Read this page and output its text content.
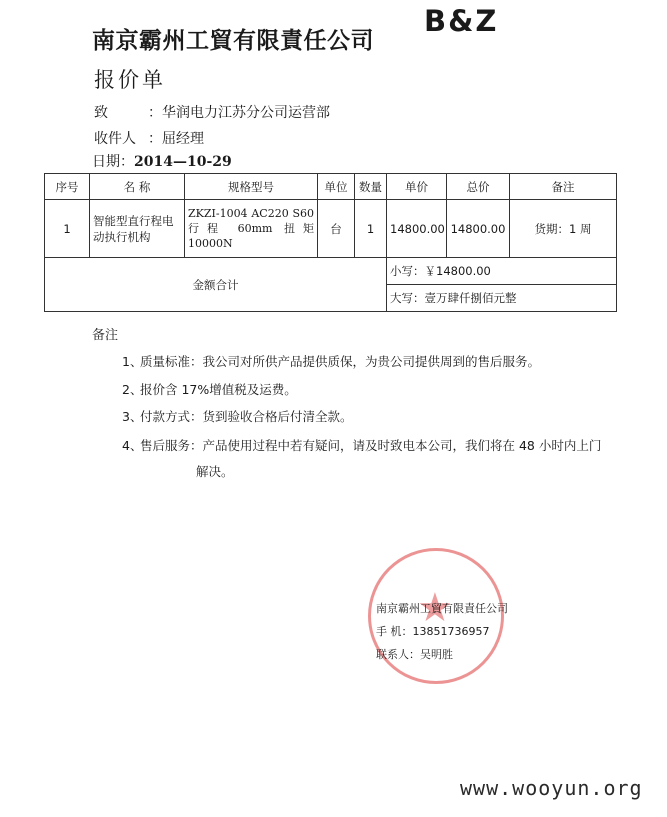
南京霸州工貿有限責任公司
B&Z
报价单
致	：华润电力江苏分公司运营部
收件人 ：屈经理
日期：2014—10-29
序号	名 称	规格型号	单位	数量	单价	总价	备注
1	智能型直行程电动执行机构	ZKZI-1004 AC220 S60 行程 60mm 扭矩 10000N	台	1	14800.00	14800.00	货期：1 周
金额合计					小写：￥14800.00		
					大写：壹万肆仟捌佰元整		
备注
1、质量标准：我公司对所供产品提供质保，为贵公司提供周到的售后服务。
2、报价含 17%增值税及运费。
3、付款方式：货到验收合格后付清全款。
4、售后服务：产品使用过程中若有疑问，请及时致电本公司，我们将在 48 小时内上门
解决。
★
南京霸州工貿有限責任公司
手 机：13851736957
联系人：吴明胜
www.wooyun.org
